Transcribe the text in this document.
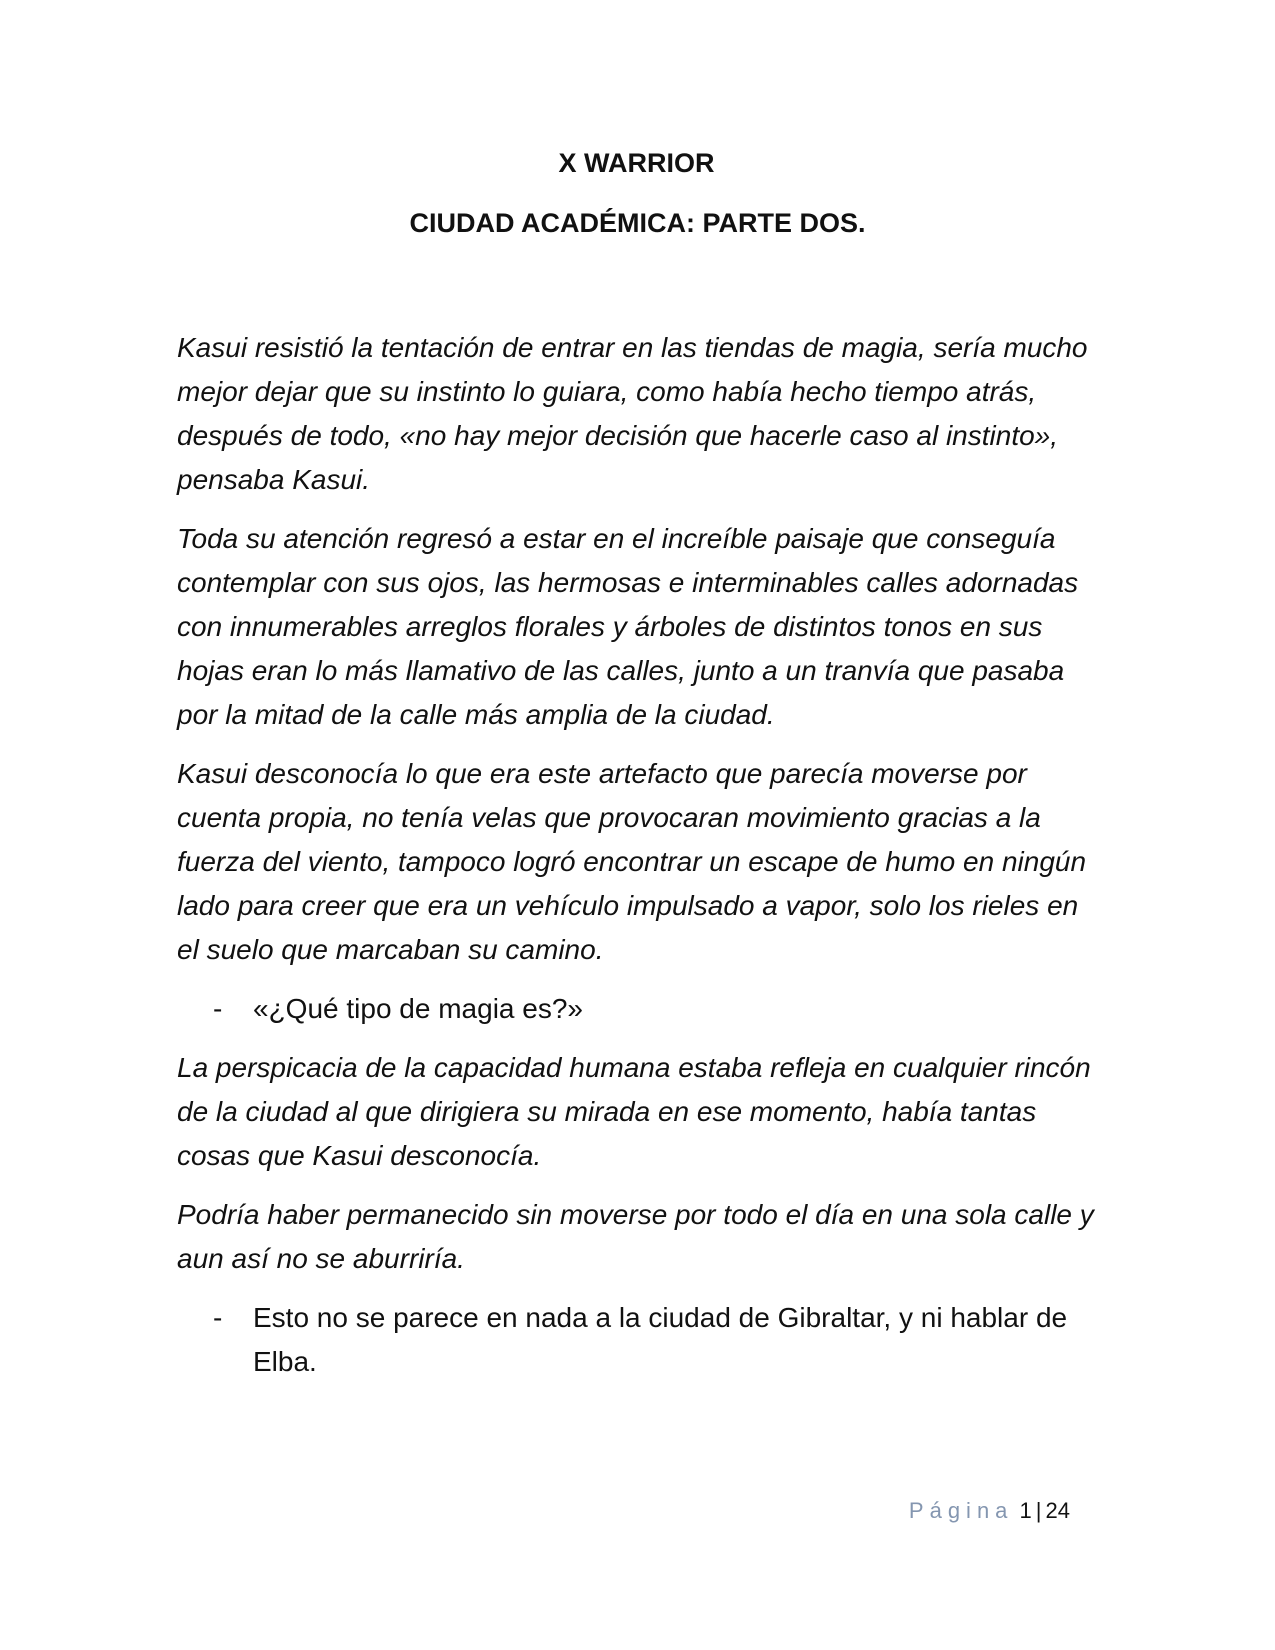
X WARRIOR
CIUDAD ACADÉMICA: PARTE DOS.

Kasui resistió la tentación de entrar en las tiendas de magia, sería mucho mejor dejar que su instinto lo guiara, como había hecho tiempo atrás, después de todo, «no hay mejor decisión que hacerle caso al instinto», pensaba Kasui.

Toda su atención regresó a estar en el increíble paisaje que conseguía contemplar con sus ojos, las hermosas e interminables calles adornadas con innumerables arreglos florales y árboles de distintos tonos en sus hojas eran lo más llamativo de las calles, junto a un tranvía que pasaba por la mitad de la calle más amplia de la ciudad.

Kasui desconocía lo que era este artefacto que parecía moverse por cuenta propia, no tenía velas que provocaran movimiento gracias a la fuerza del viento, tampoco logró encontrar un escape de humo en ningún lado para creer que era un vehículo impulsado a vapor, solo los rieles en el suelo que marcaban su camino.

-	«¿Qué tipo de magia es?»

La perspicacia de la capacidad humana estaba refleja en cualquier rincón de la ciudad al que dirigiera su mirada en ese momento, había tantas cosas que Kasui desconocía.

Podría haber permanecido sin moverse por todo el día en una sola calle y aun así no se aburriría.

-	Esto no se parece en nada a la ciudad de Gibraltar, y ni hablar de Elba.
Página 1 | 24
